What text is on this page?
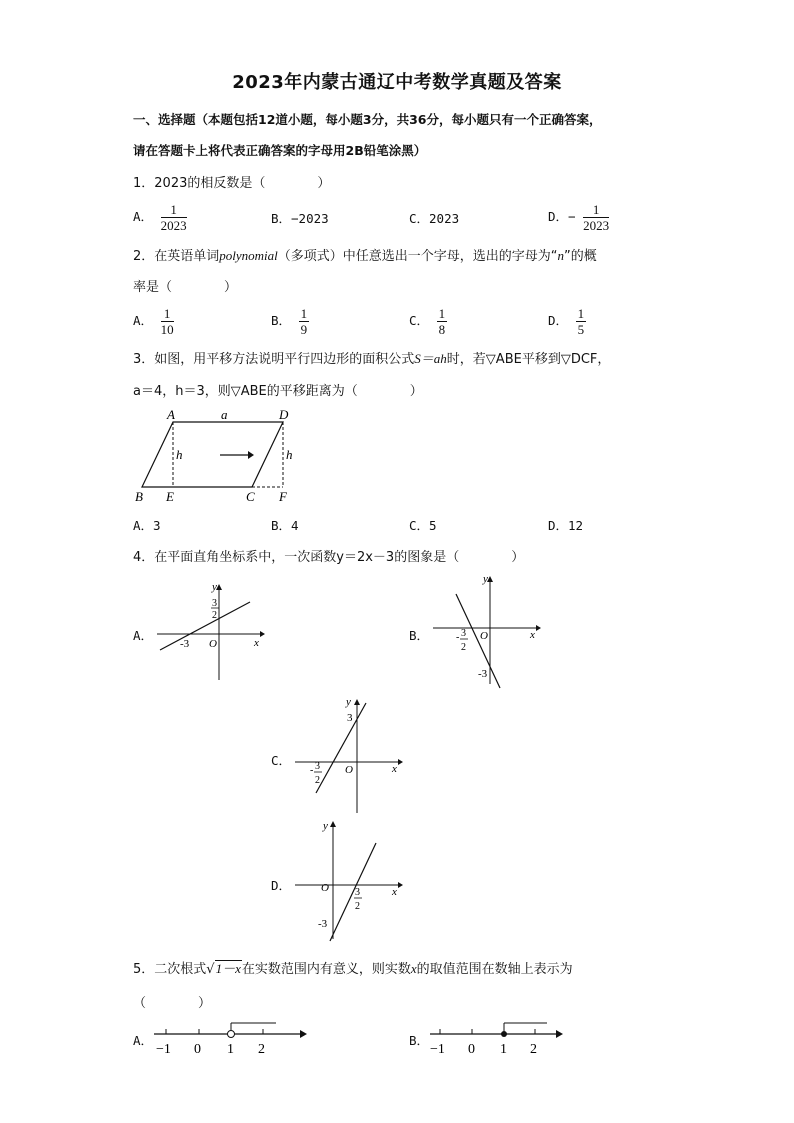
2023年内蒙古通辽中考数学真题及答案
一、选择题（本题包括12道小题，每小题3分，共36分，每小题只有一个正确答案，
请在答题卡上将代表正确答案的字母用2B铅笔涂黑）
1．2023的相反数是（　　　　）
A． $\frac{1}{2023}$	B．−2023	C．2023	D．− $\frac{1}{2023}$
2．在英语单词polynomial（多项式）中任意选出一个字母，选出的字母为“n”的概
率是（　　　　）
A． $\frac{1}{10}$	B． $\frac{1}{9}$	C． $\frac{1}{8}$	D． $\frac{1}{5}$
3．如图，用平移方法说明平行四边形的面积公式S＝ah时，若▽ABE平移到▽DCF，
a＝4，h＝3，则▽ABE的平移距离为（　　　　）
A	a	D
h	h
B E	C F
A．3	B．4	C．5	D．12
4．在平面直角坐标系中，一次函数y＝2x－3的图象是（　　　　）
A．
y
x
O
3
2
-3
B．
y
x
O
- 3
2
-3
C．
y
x
O
3
- 3
2
D．
y
x
O	3
2
-3
5．二次根式√1－x在实数范围内有意义，则实数x的取值范围在数轴上表示为
（　　　　）
A．
−1 0 1 2
B．
−1 0 1 2
